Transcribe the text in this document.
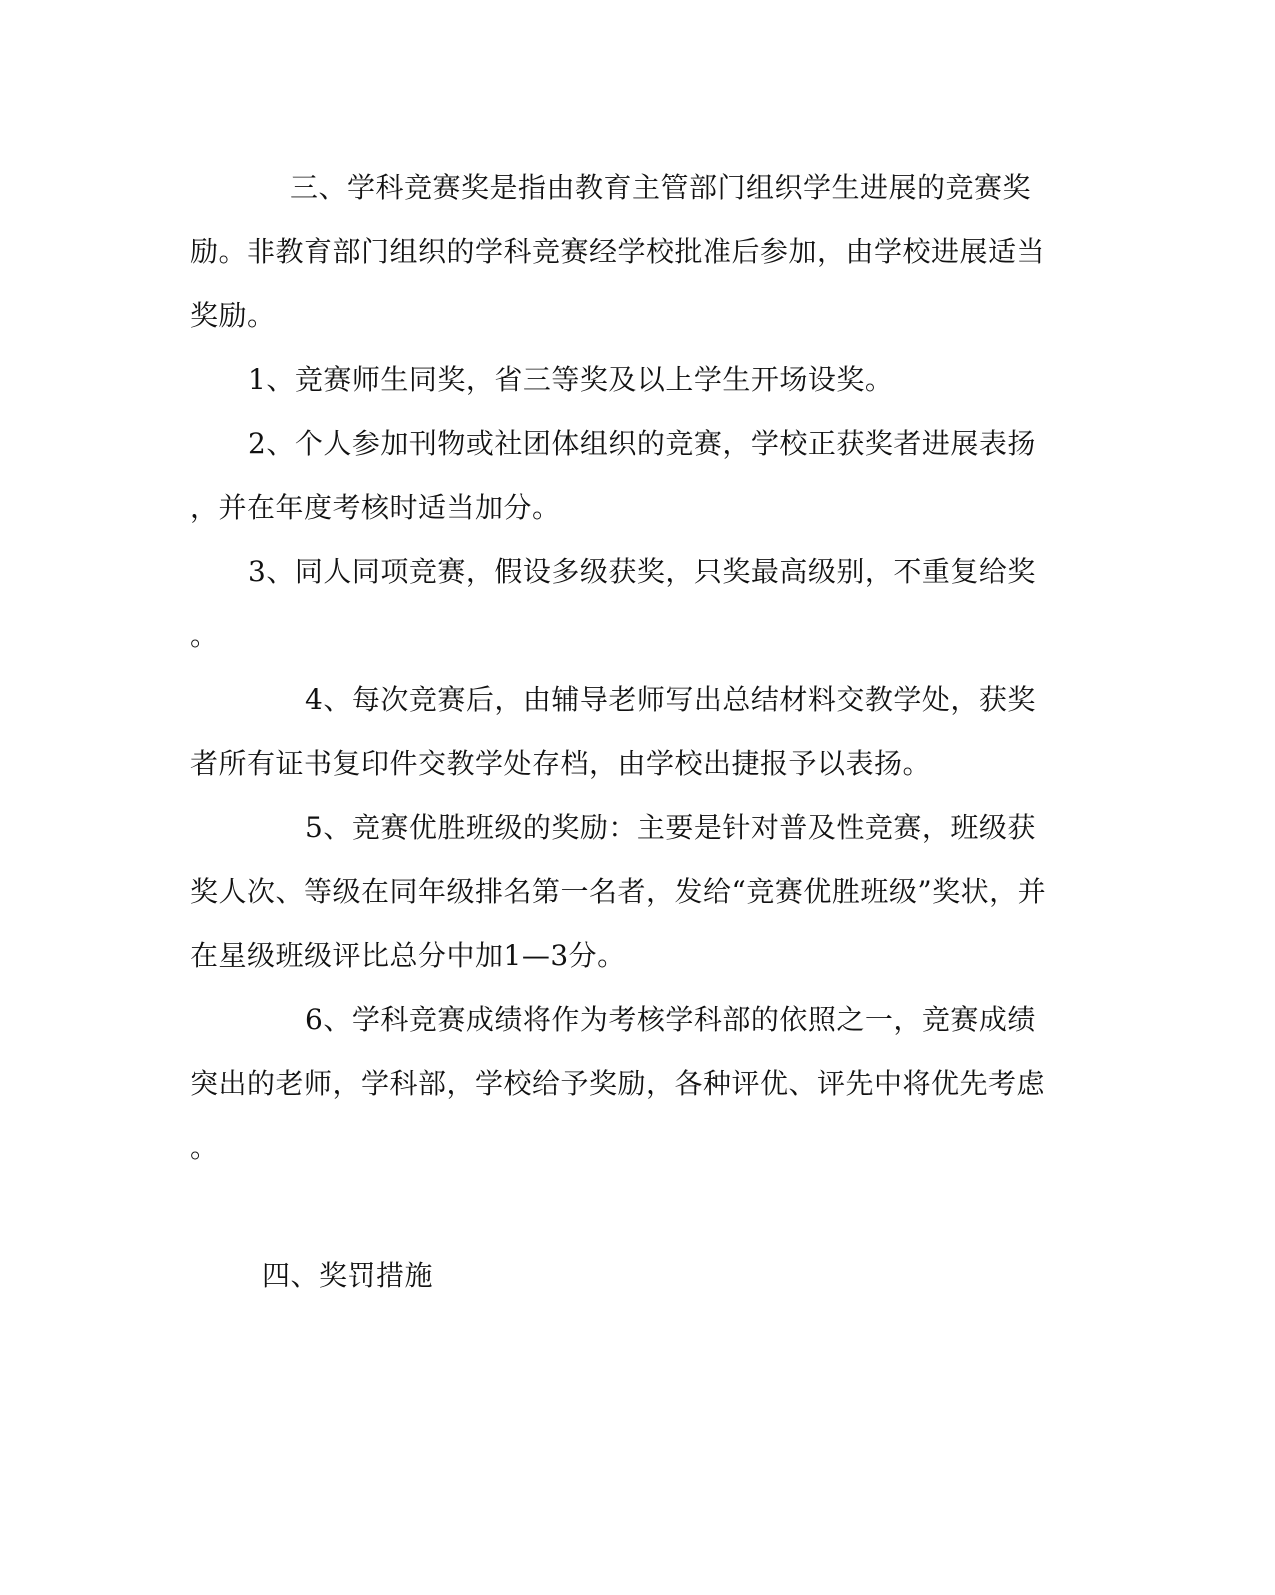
三、学科竞赛奖是指由教育主管部门组织学生进展的竞赛奖
励。非教育部门组织的学科竞赛经学校批准后参加，由学校进展适当
奖励。
1、竞赛师生同奖，省三等奖及以上学生开场设奖。
2、个人参加刊物或社团体组织的竞赛，学校正获奖者进展表扬
，并在年度考核时适当加分。
3、同人同项竞赛，假设多级获奖，只奖最高级别，不重复给奖
。
4、每次竞赛后，由辅导老师写出总结材料交教学处，获奖
者所有证书复印件交教学处存档，由学校出捷报予以表扬。
5、竞赛优胜班级的奖励：主要是针对普及性竞赛，班级获
奖人次、等级在同年级排名第一名者，发给“竞赛优胜班级”奖状，并
在星级班级评比总分中加1—3分。
6、学科竞赛成绩将作为考核学科部的依照之一，竞赛成绩
突出的老师，学科部，学校给予奖励，各种评优、评先中将优先考虑
。
四、奖罚措施
